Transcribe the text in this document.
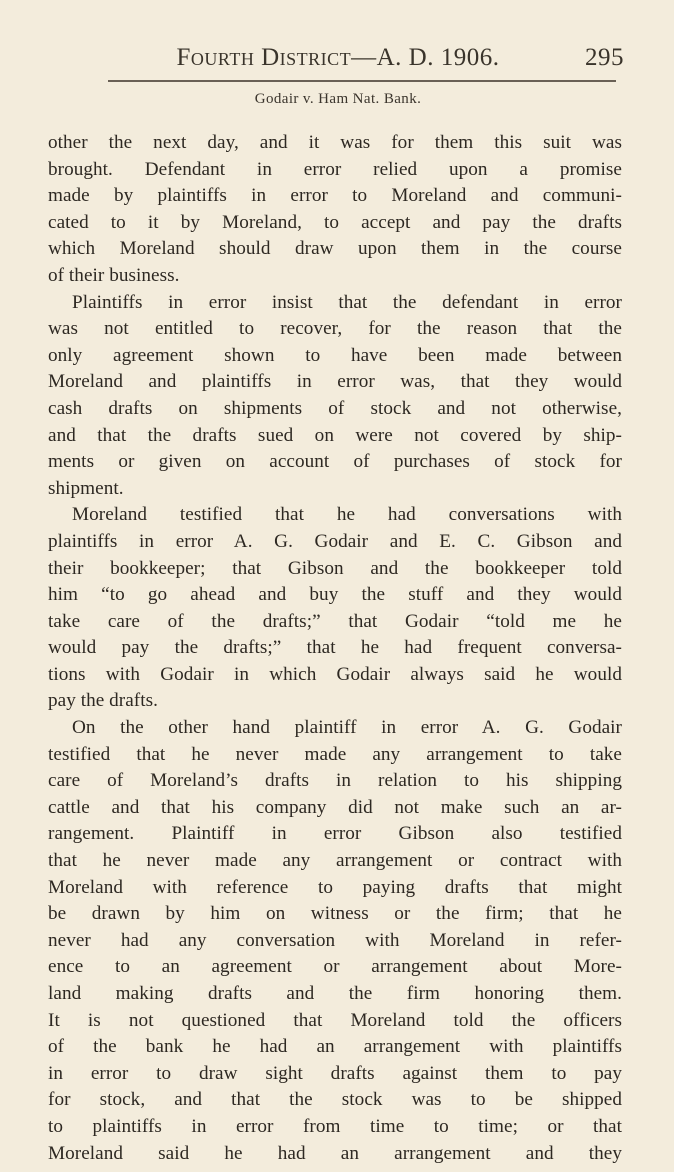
Fourth District—A. D. 1906.	295
Godair v. Ham Nat. Bank.
other the next day, and it was for them this suit was
brought. Defendant in error relied upon a promise
made by plaintiffs in error to Moreland and communi-
cated to it by Moreland, to accept and pay the drafts
which Moreland should draw upon them in the course
of their business.
Plaintiffs in error insist that the defendant in error
was not entitled to recover, for the reason that the
only agreement shown to have been made between
Moreland and plaintiffs in error was, that they would
cash drafts on shipments of stock and not otherwise,
and that the drafts sued on were not covered by ship-
ments or given on account of purchases of stock for
shipment.
Moreland testified that he had conversations with
plaintiffs in error A. G. Godair and E. C. Gibson and
their bookkeeper; that Gibson and the bookkeeper told
him “to go ahead and buy the stuff and they would
take care of the drafts;” that Godair “told me he
would pay the drafts;” that he had frequent conversa-
tions with Godair in which Godair always said he would
pay the drafts.
On the other hand plaintiff in error A. G. Godair
testified that he never made any arrangement to take
care of Moreland’s drafts in relation to his shipping
cattle and that his company did not make such an ar-
rangement. Plaintiff in error Gibson also testified
that he never made any arrangement or contract with
Moreland with reference to paying drafts that might
be drawn by him on witness or the firm; that he
never had any conversation with Moreland in refer-
ence to an agreement or arrangement about More-
land making drafts and the firm honoring them.
It is not questioned that Moreland told the officers
of the bank he had an arrangement with plaintiffs
in error to draw sight drafts against them to pay
for stock, and that the stock was to be shipped
to plaintiffs in error from time to time; or that
Moreland said he had an arrangement and they
